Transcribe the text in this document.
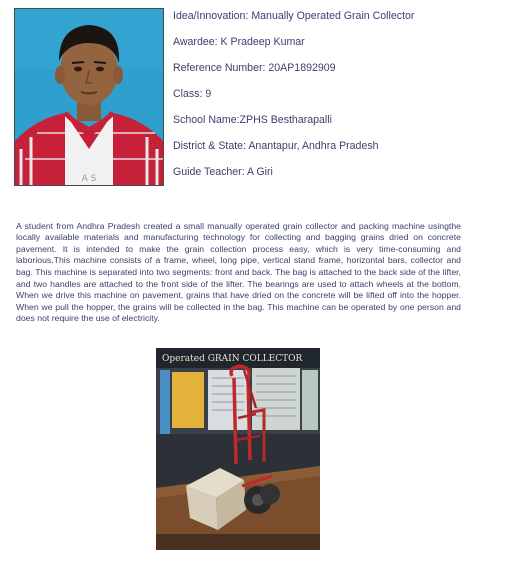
A S
Idea/Innovation: Manually Operated Grain Collector
Awardee: K Pradeep Kumar
Reference Number: 20AP1892909
Class: 9
School Name:ZPHS Bestharapalli
District & State: Anantapur, Andhra Pradesh
Guide Teacher: A Giri

A student from Andhra Pradesh created a small manually operated grain collector and packing machine usingthe locally available materials and manufacturing technology for collecting and bagging grains dried on concrete pavement. It is intended to make the grain collection process easy, which is very time-consuming and laborious.This machine consists of a frame, wheel, long pipe, vertical stand frame, horizontal bars, collector and bag. This machine is separated into two segments: front and back. The bag is attached to the back side of the lifter, and two handles are attached to the front side of the lifter. The bearings are used to attach wheels at the bottom. When we drive this machine on pavement, grains that have dried on the concrete will be lifted off into the hopper. When we pull the hopper, the grains will be collected in the bag. This machine can be operated by one person and does not require the use of electricity.

Operated GRAIN COLLECTOR
